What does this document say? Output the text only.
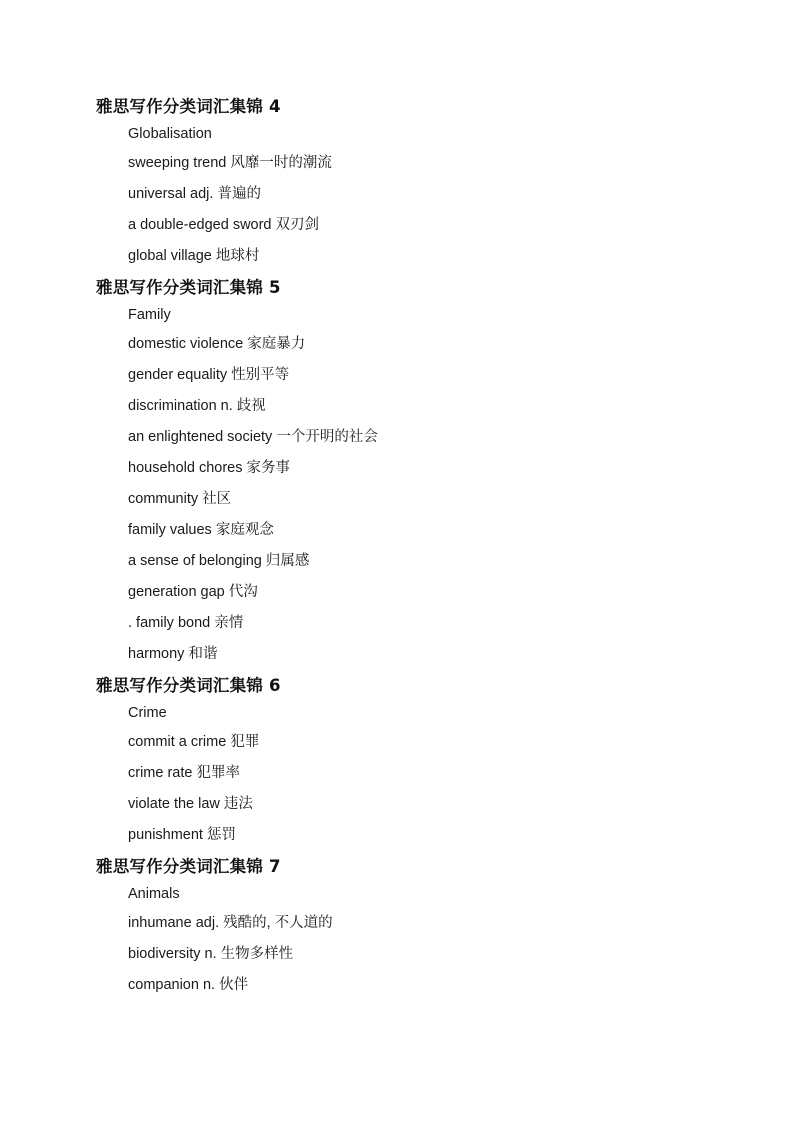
雅思写作分类词汇集锦 4
Globalisation
sweeping trend 风靡一时的潮流
universal adj. 普遍的
a double-edged sword 双刃剑
global village 地球村
雅思写作分类词汇集锦 5
Family
domestic violence 家庭暴力
gender equality 性别平等
discrimination n. 歧视
an enlightened society 一个开明的社会
household chores 家务事
community 社区
family values 家庭观念
a sense of belonging 归属感
generation gap 代沟
. family bond 亲情
harmony 和谐
雅思写作分类词汇集锦 6
Crime
commit a crime 犯罪
crime rate 犯罪率
violate the law 违法
punishment 惩罚
雅思写作分类词汇集锦 7
Animals
inhumane adj. 残酷的, 不人道的
biodiversity n. 生物多样性
companion n. 伙伴
